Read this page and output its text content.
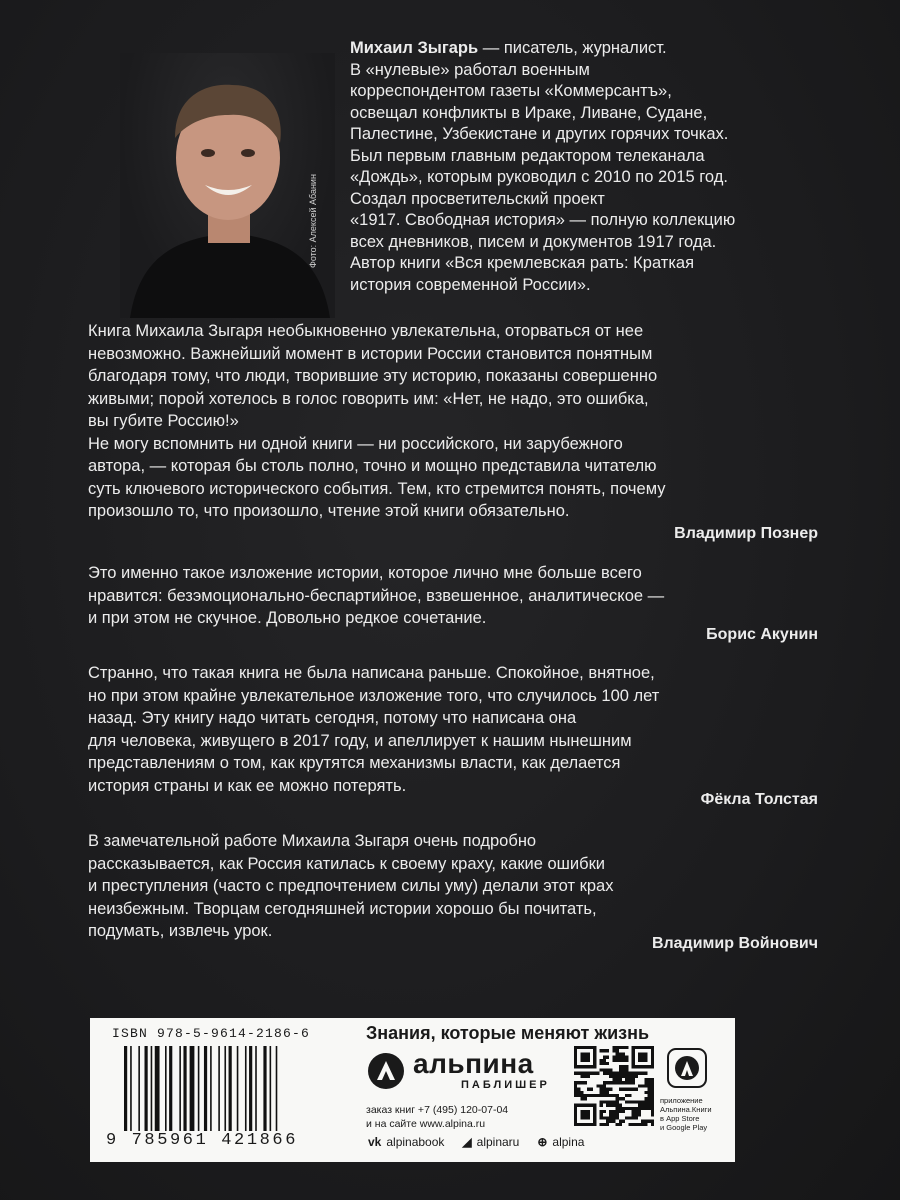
Фото: Алексей Абанин

Михаил Зыгарь — писатель, журналист.
В «нулевые» работал военным
корреспондентом газеты «Коммерсантъ»,
освещал конфликты в Ираке, Ливане, Судане,
Палестине, Узбекистане и других горячих точках.
Был первым главным редактором телеканала
«Дождь», которым руководил с 2010 по 2015 год.
Создал просветительский проект
«1917. Свободная история» — полную коллекцию
всех дневников, писем и документов 1917 года.
Автор книги «Вся кремлевская рать: Краткая
история современной России».

Книга Михаила Зыгаря необыкновенно увлекательна, оторваться от нее

невозможно. Важнейший момент в истории России становится понятным

благодаря тому, что люди, творившие эту историю, показаны совершенно

живыми; порой хотелось в голос говорить им: «Нет, не надо, это ошибка,

вы губите Россию!»

Не могу вспомнить ни одной книги — ни российского, ни зарубежного

автора, — которая бы столь полно, точно и мощно представила читателю

суть ключевого исторического события. Тем, кто стремится понять, почему

произошло то, что произошло, чтение этой книги обязательно.

Владимир Познер

Это именно такое изложение истории, которое лично мне больше всего

нравится: безэмоционально-беспартийное, взвешенное, аналитическое —

и при этом не скучное. Довольно редкое сочетание.

Борис Акунин

Странно, что такая книга не была написана раньше. Спокойное, внятное,

но при этом крайне увлекательное изложение того, что случилось 100 лет

назад. Эту книгу надо читать сегодня, потому что написана она

для человека, живущего в 2017 году, и апеллирует к нашим нынешним

представлениям о том, как крутятся механизмы власти, как делается

история страны и как ее можно потерять.

Фёкла Толстая

В замечательной работе Михаила Зыгаря очень подробно

рассказывается, как Россия катилась к своему краху, какие ошибки

и преступления (часто с предпочтением силы уму) делали этот крах

неизбежным. Творцам сегодняшней истории хорошо бы почитать,

подумать, извлечь урок.

Владимир Войнович
ISBN 978-5-9614-2186-6
9 785961 421866
Знания, которые меняют жизнь
альпина
ПАБЛИШЕР
заказ книг +7 (495) 120-07-04
и на сайте www.alpina.ru
приложение Альпина.Книги
в App Store
и Google Play
vk alpinabook ◢ alpinaru ⊕ alpina
